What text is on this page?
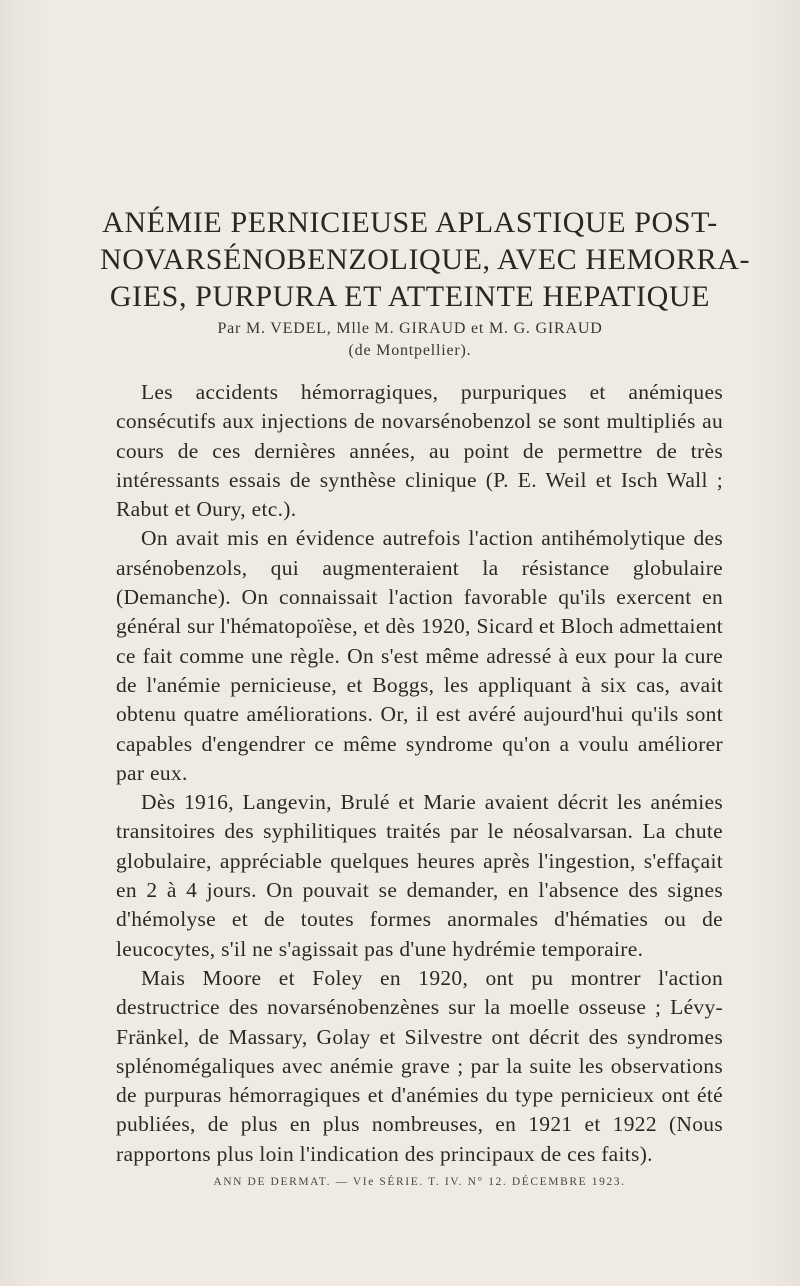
ANÉMIE PERNICIEUSE APLASTIQUE POST-
NOVARSÉNOBENZOLIQUE, AVEC HEMORRA-
GIES, PURPURA ET ATTEINTE HEPATIQUE
Par M. VEDEL, Mlle M. GIRAUD et M. G. GIRAUD
(de Montpellier).

Les accidents hémorragiques, purpuriques et anémiques consécutifs aux injections de novarsénobenzol se sont multipliés au cours de ces dernières années, au point de permettre de très intéressants essais de synthèse clinique (P. E. Weil et Isch Wall ; Rabut et Oury, etc.).

On avait mis en évidence autrefois l'action antihémolytique des arsénobenzols, qui augmenteraient la résistance globulaire (Demanche). On connaissait l'action favorable qu'ils exercent en général sur l'hématopoïèse, et dès 1920, Sicard et Bloch admettaient ce fait comme une règle. On s'est même adressé à eux pour la cure de l'anémie pernicieuse, et Boggs, les appliquant à six cas, avait obtenu quatre améliorations. Or, il est avéré aujourd'hui qu'ils sont capables d'engendrer ce même syndrome qu'on a voulu améliorer par eux.

Dès 1916, Langevin, Brulé et Marie avaient décrit les anémies transitoires des syphilitiques traités par le néosalvarsan. La chute globulaire, appréciable quelques heures après l'ingestion, s'effaçait en 2 à 4 jours. On pouvait se demander, en l'absence des signes d'hémolyse et de toutes formes anormales d'hématies ou de leucocytes, s'il ne s'agissait pas d'une hydrémie temporaire.

Mais Moore et Foley en 1920, ont pu montrer l'action destructrice des novarsénobenzènes sur la moelle osseuse ; Lévy-Fränkel, de Massary, Golay et Silvestre ont décrit des syndromes splénomégaliques avec anémie grave ; par la suite les observations de purpuras hémorragiques et d'anémies du type pernicieux ont été publiées, de plus en plus nombreuses, en 1921 et 1922 (Nous rapportons plus loin l'indication des principaux de ces faits).

ANN DE DERMAT. — VIe SÉRIE. T. IV. N° 12. DÉCEMBRE 1923.
